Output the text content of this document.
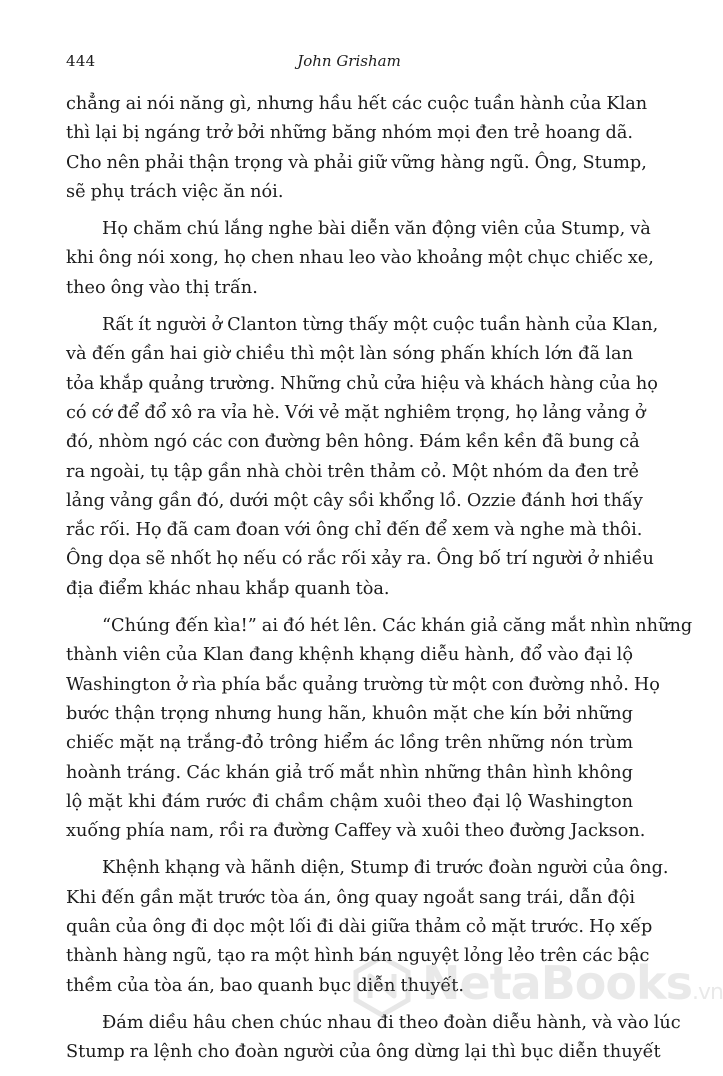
444	John Grisham

chẳng ai nói năng gì, nhưng hầu hết các cuộc tuần hành của Klan
thì lại bị ngáng trở bởi những băng nhóm mọi đen trẻ hoang dã.
Cho nên phải thận trọng và phải giữ vững hàng ngũ. Ông, Stump,
sẽ phụ trách việc ăn nói.

Họ chăm chú lắng nghe bài diễn văn động viên của Stump, và
khi ông nói xong, họ chen nhau leo vào khoảng một chục chiếc xe,
theo ông vào thị trấn.

Rất ít người ở Clanton từng thấy một cuộc tuần hành của Klan,
và đến gần hai giờ chiều thì một làn sóng phấn khích lớn đã lan
tỏa khắp quảng trường. Những chủ cửa hiệu và khách hàng của họ
có cớ để đổ xô ra vỉa hè. Với vẻ mặt nghiêm trọng, họ lảng vảng ở
đó, nhòm ngó các con đường bên hông. Đám kền kền đã bung cả
ra ngoài, tụ tập gần nhà chòi trên thảm cỏ. Một nhóm da đen trẻ
lảng vảng gần đó, dưới một cây sồi khổng lồ. Ozzie đánh hơi thấy
rắc rối. Họ đã cam đoan với ông chỉ đến để xem và nghe mà thôi.
Ông dọa sẽ nhốt họ nếu có rắc rối xảy ra. Ông bố trí người ở nhiều
địa điểm khác nhau khắp quanh tòa.

“Chúng đến kìa!” ai đó hét lên. Các khán giả căng mắt nhìn những
thành viên của Klan đang khệnh khạng diễu hành, đổ vào đại lộ
Washington ở rìa phía bắc quảng trường từ một con đường nhỏ. Họ
bước thận trọng nhưng hung hãn, khuôn mặt che kín bởi những
chiếc mặt nạ trắng-đỏ trông hiểm ác lồng trên những nón trùm
hoành tráng. Các khán giả trố mắt nhìn những thân hình không
lộ mặt khi đám rước đi chầm chậm xuôi theo đại lộ Washington
xuống phía nam, rồi ra đường Caffey và xuôi theo đường Jackson.

Khệnh khạng và hãnh diện, Stump đi trước đoàn người của ông.
Khi đến gần mặt trước tòa án, ông quay ngoắt sang trái, dẫn đội
quân của ông đi dọc một lối đi dài giữa thảm cỏ mặt trước. Họ xếp
thành hàng ngũ, tạo ra một hình bán nguyệt lỏng lẻo trên các bậc
thềm của tòa án, bao quanh bục diễn thuyết.

Đám diều hâu chen chúc nhau đi theo đoàn diễu hành, và vào lúc
Stump ra lệnh cho đoàn người của ông dừng lại thì bục diễn thuyết

NetaBooks.vn
